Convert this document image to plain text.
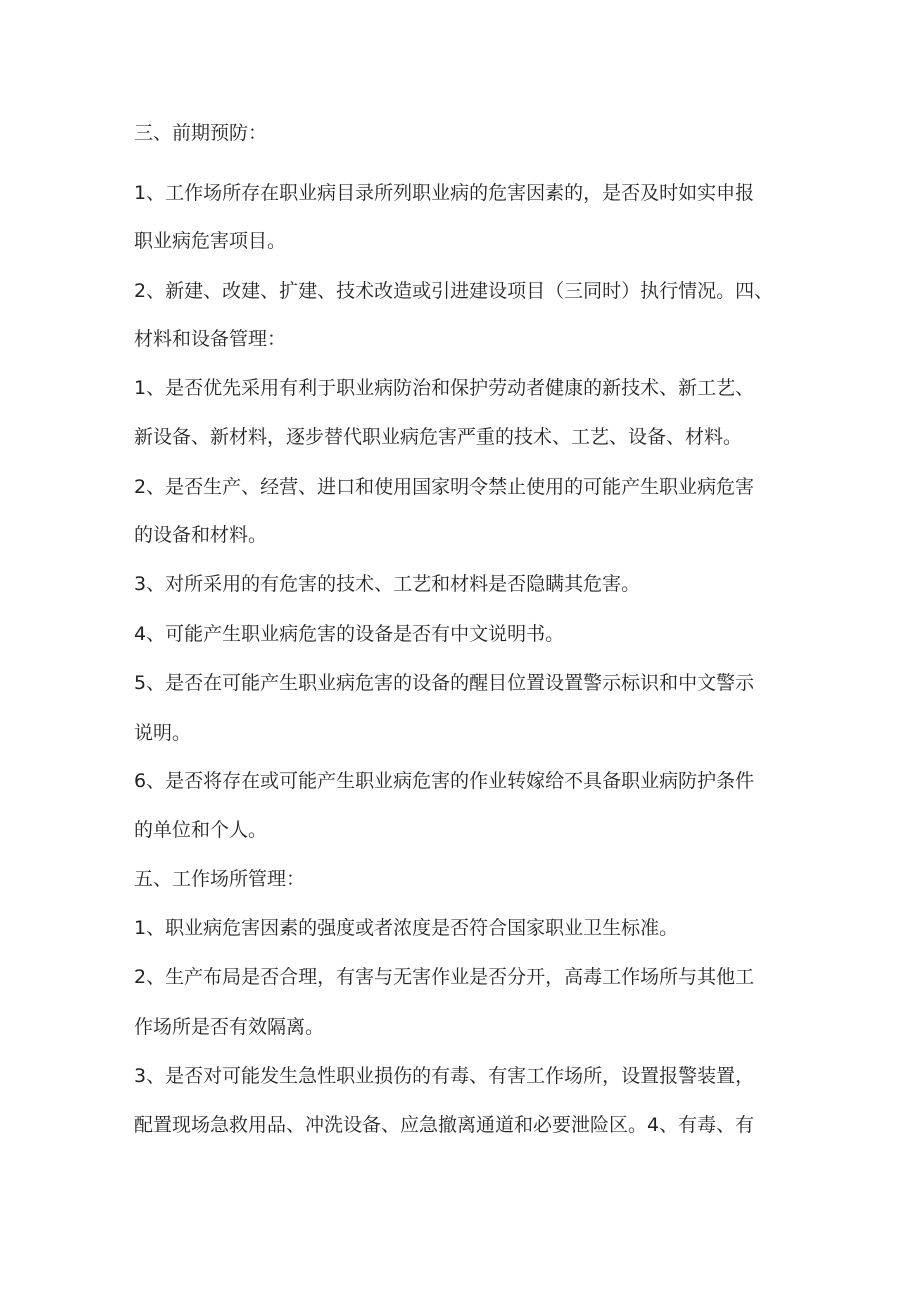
三、前期预防：

1、工作场所存在职业病目录所列职业病的危害因素的，是否及时如实申报

职业病危害项目。

2、新建、改建、扩建、技术改造或引进建设项目（三同时）执行情况。四、

材料和设备管理：

1、是否优先采用有利于职业病防治和保护劳动者健康的新技术、新工艺、

新设备、新材料，逐步替代职业病危害严重的技术、工艺、设备、材料。

2、是否生产、经营、进口和使用国家明令禁止使用的可能产生职业病危害

的设备和材料。

3、对所采用的有危害的技术、工艺和材料是否隐瞒其危害。

4、可能产生职业病危害的设备是否有中文说明书。

5、是否在可能产生职业病危害的设备的醒目位置设置警示标识和中文警示

说明。

6、是否将存在或可能产生职业病危害的作业转嫁给不具备职业病防护条件

的单位和个人。

五、工作场所管理：

1、职业病危害因素的强度或者浓度是否符合国家职业卫生标准。

2、生产布局是否合理，有害与无害作业是否分开，高毒工作场所与其他工

作场所是否有效隔离。

3、是否对可能发生急性职业损伤的有毒、有害工作场所，设置报警装置，

配置现场急救用品、冲洗设备、应急撤离通道和必要泄险区。4、有毒、有
